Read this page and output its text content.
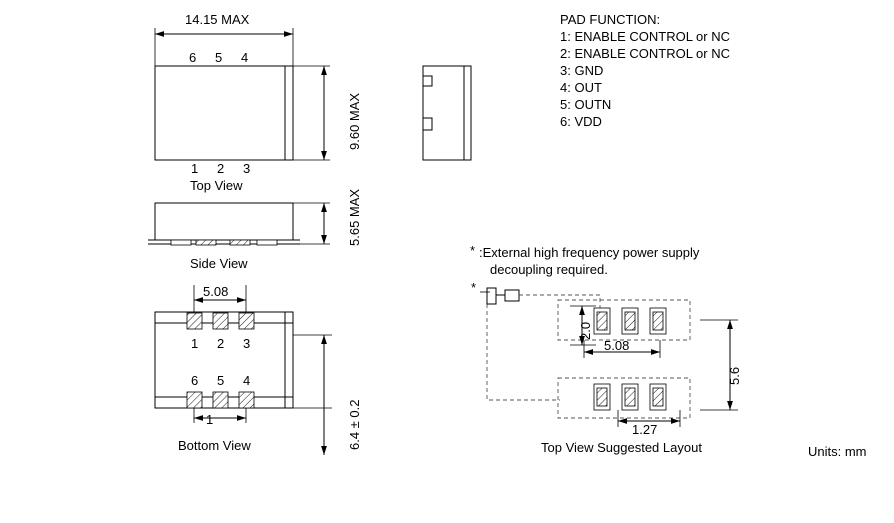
14.15 MAX
9.60 MAX
6 5 4
1 2 3
Top View
5.65 MAX
Side View
5.08
1 2 3
6 5 4
1	6.4 ± 0.2
Bottom View
PAD FUNCTION:
1: ENABLE CONTROL or NC
2: ENABLE CONTROL or NC
3: GND
4: OUT
5: OUTN
6: VDD
* :External high frequency power supply
decoupling required.
*
2.0
5.08
5.6
1.27
Top View Suggested Layout	Units: mm
